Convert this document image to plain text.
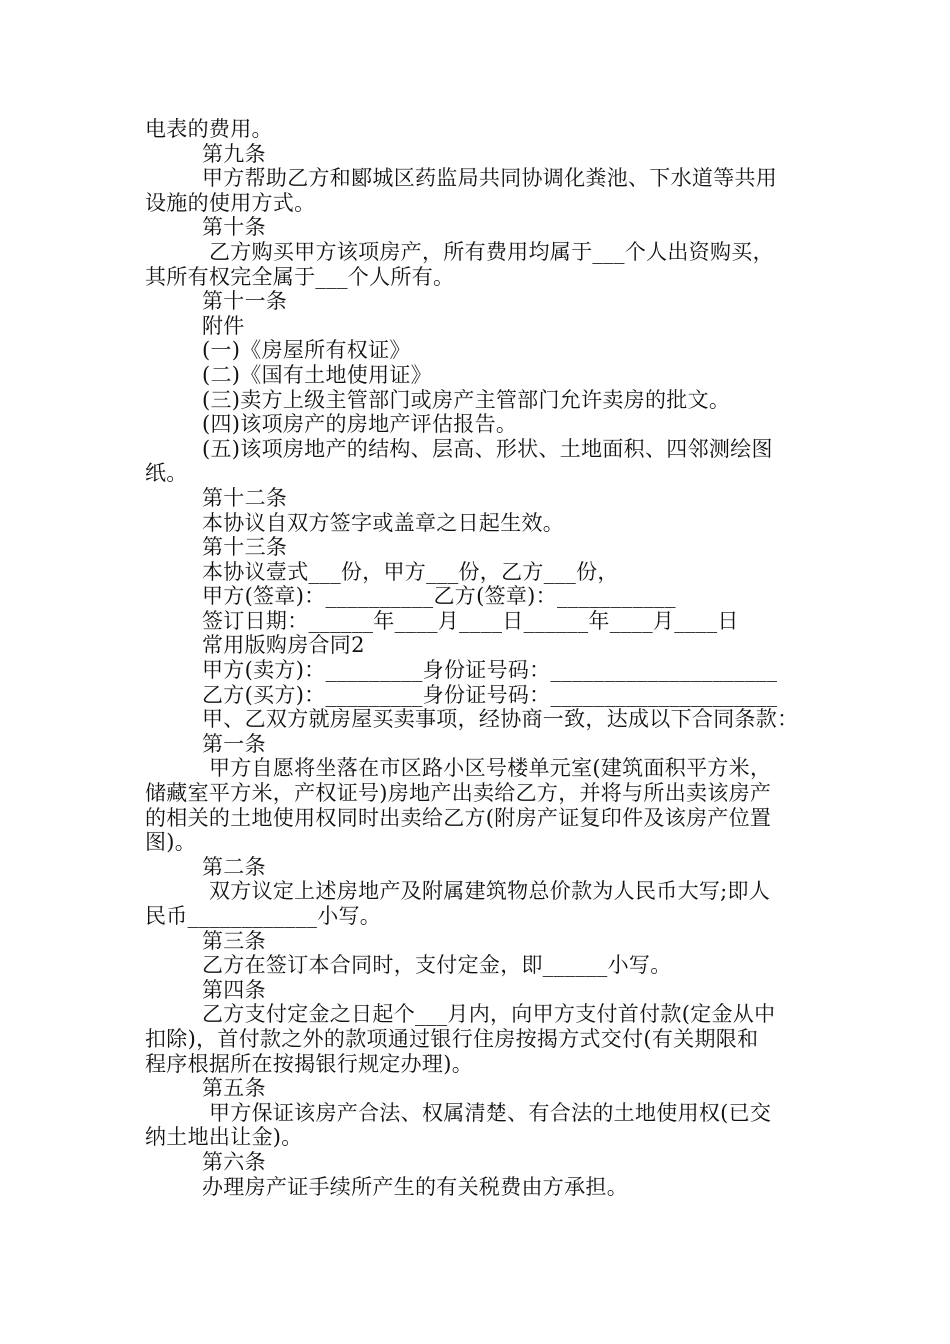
电表的费用。
第九条
甲方帮助乙方和郾城区药监局共同协调化粪池、下水道等共用
设施的使用方式。
第十条
乙方购买甲方该项房产，所有费用均属于___个人出资购买，
其所有权完全属于___个人所有。
第十一条
附件
(一)《房屋所有权证》
(二)《国有土地使用证》
(三)卖方上级主管部门或房产主管部门允许卖房的批文。
(四)该项房产的房地产评估报告。
(五)该项房地产的结构、层高、形状、土地面积、四邻测绘图
纸。
第十二条
本协议自双方签字或盖章之日起生效。
第十三条
本协议壹式___份，甲方___份，乙方___份，
甲方(签章)：__________乙方(签章)：___________
签订日期：______年____月____日______年____月____日
常用版购房合同2
甲方(卖方)：_________身份证号码：_____________________
乙方(买方)：_________身份证号码：_____________________
甲、乙双方就房屋买卖事项，经协商一致，达成以下合同条款：
第一条
甲方自愿将坐落在市区路小区号楼单元室(建筑面积平方米，
储藏室平方米，产权证号)房地产出卖给乙方，并将与所出卖该房产
的相关的土地使用权同时出卖给乙方(附房产证复印件及该房产位置
图)。
第二条
双方议定上述房地产及附属建筑物总价款为人民币大写;即人
民币____________小写。
第三条
乙方在签订本合同时，支付定金，即______小写。
第四条
乙方支付定金之日起个___月内，向甲方支付首付款(定金从中
扣除)，首付款之外的款项通过银行住房按揭方式交付(有关期限和
程序根据所在按揭银行规定办理)。
第五条
甲方保证该房产合法、权属清楚、有合法的土地使用权(已交
纳土地出让金)。
第六条
办理房产证手续所产生的有关税费由方承担。
